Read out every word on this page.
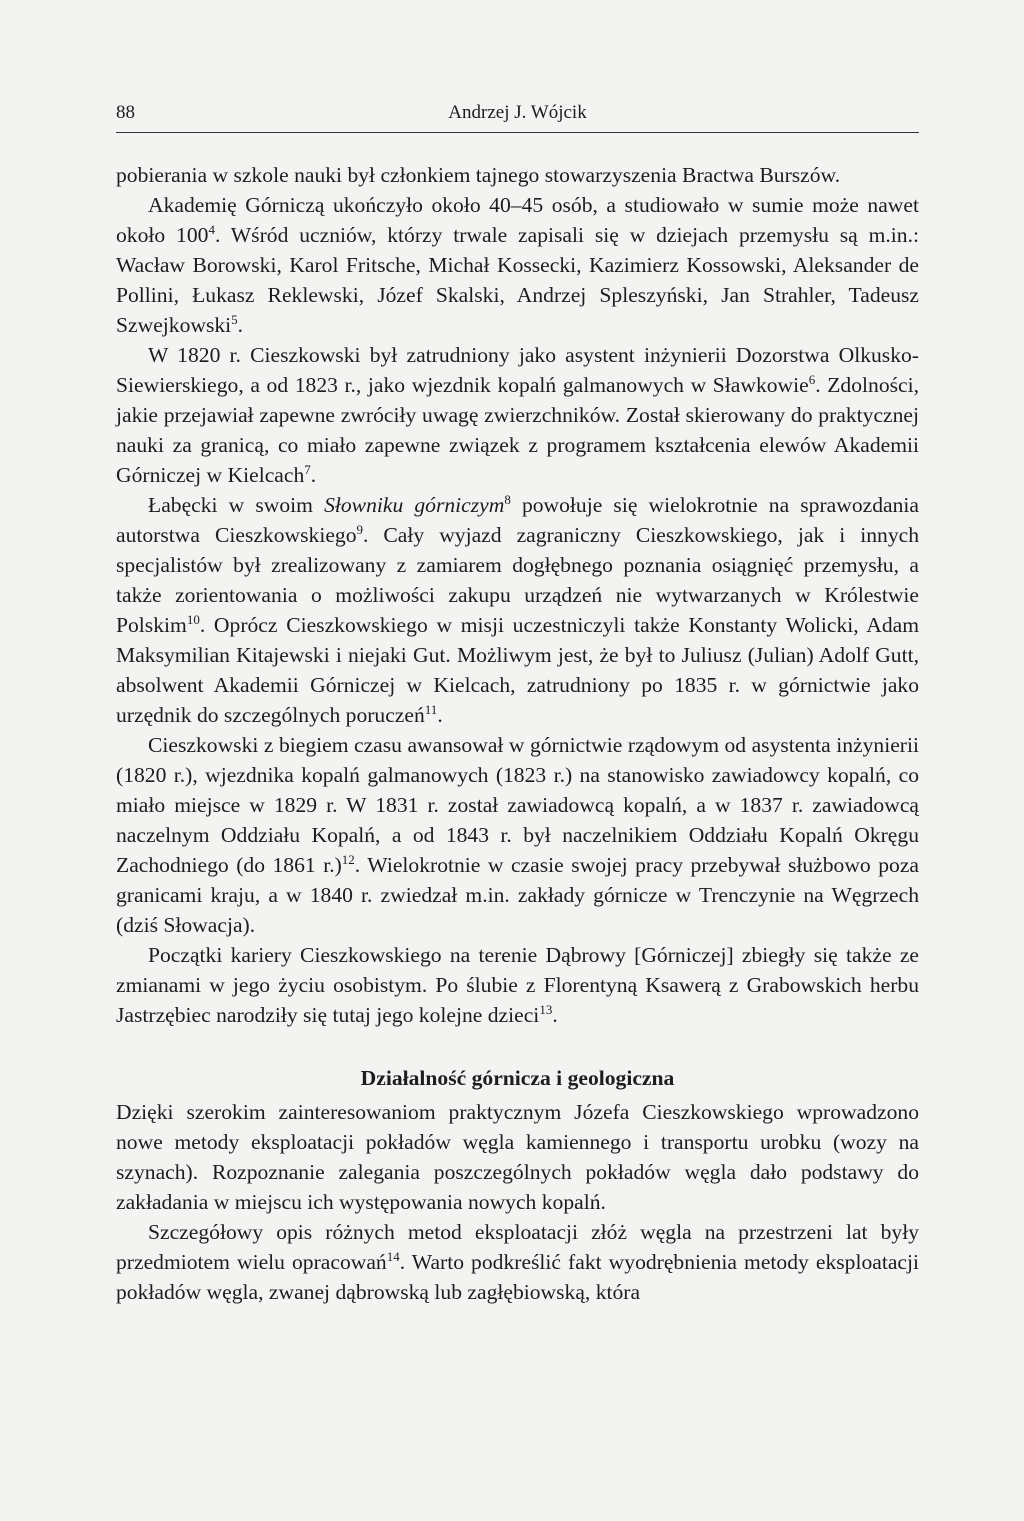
88	Andrzej J. Wójcik

pobierania w szkole nauki był członkiem tajnego stowarzyszenia Bractwa Burszów.

Akademię Górniczą ukończyło około 40–45 osób, a studiowało w sumie może nawet około $100^4$. Wśród uczniów, którzy trwale zapisali się w dziejach przemysłu są m.in.: Wacław Borowski, Karol Fritsche, Michał Kossecki, Kazimierz Kossowski, Aleksander de Pollini, Łukasz Reklewski, Józef Skalski, Andrzej Spleszyński, Jan Strahler, Tadeusz Szwejkowski$^5$.

W 1820 r. Cieszkowski był zatrudniony jako asystent inżynierii Dozorstwa Olkusko-Siewierskiego, a od 1823 r., jako wjezdnik kopalń galmanowych w Sławkowie$^6$. Zdolności, jakie przejawiał zapewne zwróciły uwagę zwierzchników. Został skierowany do praktycznej nauki za granicą, co miało zapewne związek z programem kształcenia elewów Akademii Górniczej w Kielcach$^7$.

Łabęcki w swoim Słowniku górniczym$^8$ powołuje się wielokrotnie na sprawozdania autorstwa Cieszkowskiego$^9$. Cały wyjazd zagraniczny Cieszkowskiego, jak i innych specjalistów był zrealizowany z zamiarem dogłębnego poznania osiągnięć przemysłu, a także zorientowania o możliwości zakupu urządzeń nie wytwarzanych w Królestwie Polskim$^{10}$. Oprócz Cieszkowskiego w misji uczestniczyli także Konstanty Wolicki, Adam Maksymilian Kitajewski i niejaki Gut. Możliwym jest, że był to Juliusz (Julian) Adolf Gutt, absolwent Akademii Górniczej w Kielcach, zatrudniony po 1835 r. w górnictwie jako urzędnik do szczególnych poruczeń$^{11}$.

Cieszkowski z biegiem czasu awansował w górnictwie rządowym od asystenta inżynierii (1820 r.), wjezdnika kopalń galmanowych (1823 r.) na stanowisko zawiadowcy kopalń, co miało miejsce w 1829 r. W 1831 r. został zawiadowcą kopalń, a w 1837 r. zawiadowcą naczelnym Oddziału Kopalń, a od 1843 r. był naczelnikiem Oddziału Kopalń Okręgu Zachodniego (do 1861 r.)$^{12}$. Wielokrotnie w czasie swojej pracy przebywał służbowo poza granicami kraju, a w 1840 r. zwiedzał m.in. zakłady górnicze w Trenczynie na Węgrzech (dziś Słowacja).

Początki kariery Cieszkowskiego na terenie Dąbrowy [Górniczej] zbiegły się także ze zmianami w jego życiu osobistym. Po ślubie z Florentyną Ksawerą z Grabowskich herbu Jastrzębiec narodziły się tutaj jego kolejne dzieci$^{13}$.

Działalność górnicza i geologiczna

Dzięki szerokim zainteresowaniom praktycznym Józefa Cieszkowskiego wprowadzono nowe metody eksploatacji pokładów węgla kamiennego i transportu urobku (wozy na szynach). Rozpoznanie zalegania poszczególnych pokładów węgla dało podstawy do zakładania w miejscu ich występowania nowych kopalń.

Szczegółowy opis różnych metod eksploatacji złóż węgla na przestrzeni lat były przedmiotem wielu opracowań$^{14}$. Warto podkreślić fakt wyodrębnienia metody eksploatacji pokładów węgla, zwanej dąbrowską lub zagłębiowską, która
